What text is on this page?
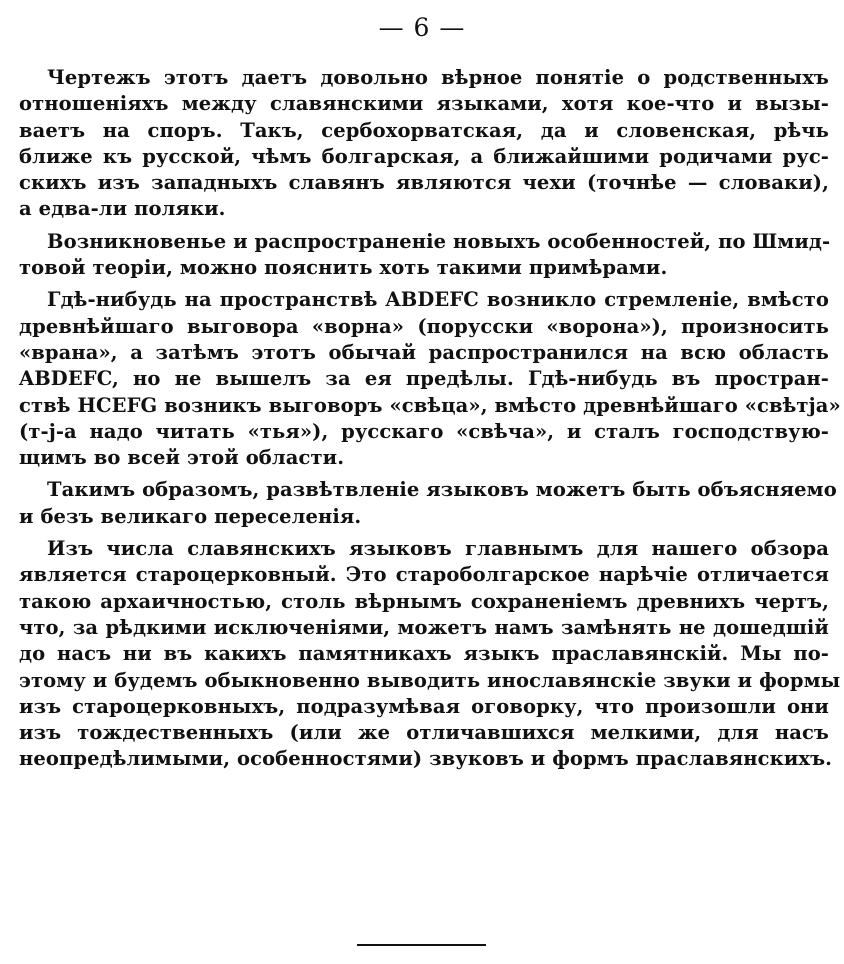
— 6 —
Чертежъ этотъ даетъ довольно вѣрное понятіе о родственныхъ
отношеніяхъ между славянскими языками, хотя кое-что и вызы-
ваетъ на споръ. Такъ, сербохорватская, да и словенская, рѣчь
ближе къ русской, чѣмъ болгарская, а ближайшими родичами рус-
скихъ изъ западныхъ славянъ являются чехи (точнѣе — словаки),
а едва-ли поляки.
Возникновенье и распространеніе новыхъ особенностей, по Шмид-
товой теоріи, можно пояснить хоть такими примѣрами.
Гдѣ-нибудь на пространствѣ ABDEFC возникло стремленіе, вмѣсто
древнѣйшаго выговора «ворна» (порусски «ворона»), произносить
«врана», а затѣмъ этотъ обычай распространился на всю область
ABDEFC, но не вышелъ за ея предѣлы. Гдѣ-нибудь въ простран-
ствѣ HCEFG возникъ выговоръ «свѣца», вмѣсто древнѣйшаго «свѣтjа»
(т-j-а надо читать «тья»), русскаго «свѣча», и сталъ господствую-
щимъ во всей этой области.
Такимъ образомъ, развѣтвленіе языковъ можетъ быть объясняемо
и безъ великаго переселенія.
Изъ числа славянскихъ языковъ главнымъ для нашего обзора
является староцерковный. Это староболгарское нарѣчіе отличается
такою архаичностью, столь вѣрнымъ сохраненіемъ древнихъ чертъ,
что, за рѣдкими исключеніями, можетъ намъ замѣнять не дошедшій
до насъ ни въ какихъ памятникахъ языкъ праславянскій. Мы по-
этому и будемъ обыкновенно выводить инославянскіе звуки и формы
изъ староцерковныхъ, подразумѣвая оговорку, что произошли они
изъ тождественныхъ (или же отличавшихся мелкими, для насъ
неопредѣлимыми, особенностями) звуковъ и формъ праславянскихъ.
